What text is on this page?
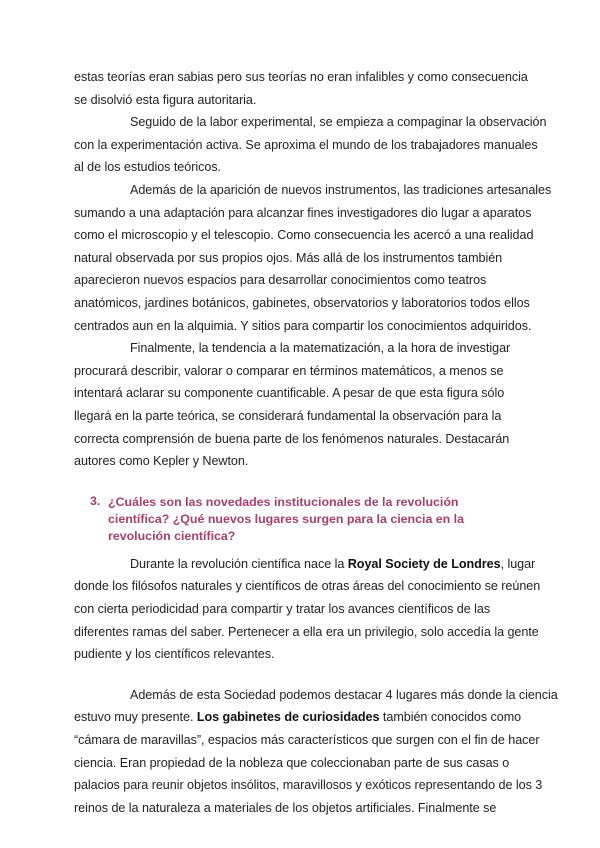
estas teorías eran sabias pero sus teorías no eran infalibles y como consecuencia
se disolvió esta figura autoritaria.
Seguido de la labor experimental, se empieza a compaginar la observación
con la experimentación activa. Se aproxima el mundo de los trabajadores manuales
al de los estudios teóricos.
Además de la aparición de nuevos instrumentos, las tradiciones artesanales
sumando a una adaptación para alcanzar fines investigadores dio lugar a aparatos
como el microscopio y el telescopio. Como consecuencia les acercó a una realidad
natural observada por sus propios ojos. Más allá de los instrumentos también
aparecieron nuevos espacios para desarrollar conocimientos como teatros
anatómicos, jardines botánicos, gabinetes, observatorios y laboratorios todos ellos
centrados aun en la alquimia. Y sitios para compartir los conocimientos adquiridos.
Finalmente, la tendencia a la matematización, a la hora de investigar
procurará describir, valorar o comparar en términos matemáticos, a menos se
intentará aclarar su componente cuantificable. A pesar de que esta figura sólo
llegará en la parte teórica, se considerará fundamental la observación para la
correcta comprensión de buena parte de los fenómenos naturales. Destacarán
autores como Kepler y Newton.
3. ¿Cuáles son las novedades institucionales de la revolución
científica? ¿Qué nuevos lugares surgen para la ciencia en la
revolución científica?
Durante la revolución científica nace la Royal Society de Londres, lugar
donde los filósofos naturales y científicos de otras áreas del conocimiento se reúnen
con cierta periodicidad para compartir y tratar los avances científicos de las
diferentes ramas del saber. Pertenecer a ella era un privilegio, solo accedía la gente
pudiente y los científicos relevantes.
Además de esta Sociedad podemos destacar 4 lugares más donde la ciencia
estuvo muy presente. Los gabinetes de curiosidades también conocidos como
“cámara de maravillas”, espacios más característicos que surgen con el fin de hacer
ciencia. Eran propiedad de la nobleza que coleccionaban parte de sus casas o
palacios para reunir objetos insólitos, maravillosos y exóticos representando de los 3
reinos de la naturaleza a materiales de los objetos artificiales. Finalmente se
